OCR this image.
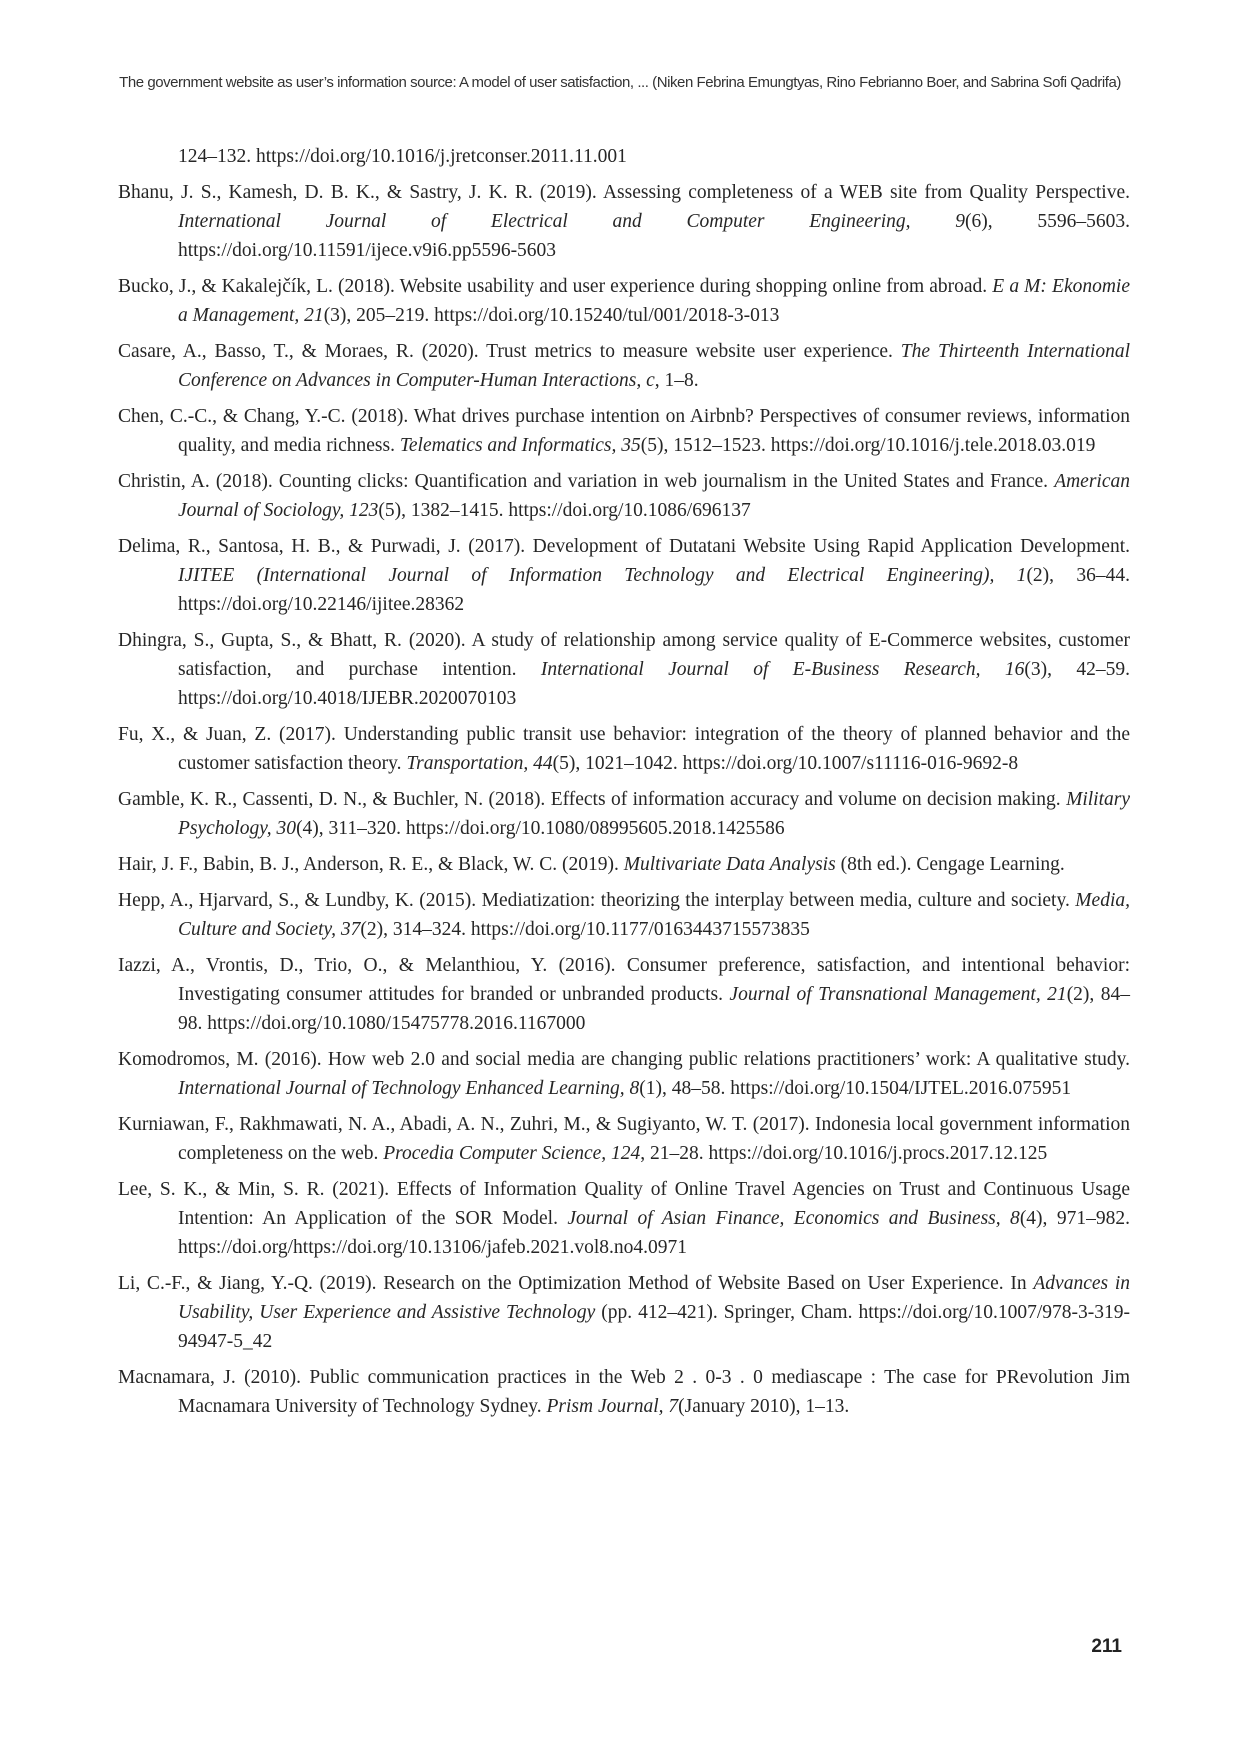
The government website as user’s information source: A model of user satisfaction, ... (Niken Febrina Emungtyas, Rino Febrianno Boer, and Sabrina Sofi Qadrifa)

124–132. https://doi.org/10.1016/j.jretconser.2011.11.001

Bhanu, J. S., Kamesh, D. B. K., & Sastry, J. K. R. (2019). Assessing completeness of a WEB site from Quality Perspective. International Journal of Electrical and Computer Engineering, 9(6), 5596–5603. https://doi.org/10.11591/ijece.v9i6.pp5596-5603

Bucko, J., & Kakalejčík, L. (2018). Website usability and user experience during shopping online from abroad. E a M: Ekonomie a Management, 21(3), 205–219. https://doi.org/10.15240/tul/001/2018-3-013

Casare, A., Basso, T., & Moraes, R. (2020). Trust metrics to measure website user experience. The Thirteenth International Conference on Advances in Computer-Human Interactions, c, 1–8.

Chen, C.-C., & Chang, Y.-C. (2018). What drives purchase intention on Airbnb? Perspectives of consumer reviews, information quality, and media richness. Telematics and Informatics, 35(5), 1512–1523. https://doi.org/10.1016/j.tele.2018.03.019

Christin, A. (2018). Counting clicks: Quantification and variation in web journalism in the United States and France. American Journal of Sociology, 123(5), 1382–1415. https://doi.org/10.1086/696137

Delima, R., Santosa, H. B., & Purwadi, J. (2017). Development of Dutatani Website Using Rapid Application Development. IJITEE (International Journal of Information Technology and Electrical Engineering), 1(2), 36–44. https://doi.org/10.22146/ijitee.28362

Dhingra, S., Gupta, S., & Bhatt, R. (2020). A study of relationship among service quality of E-Commerce websites, customer satisfaction, and purchase intention. International Journal of E-Business Research, 16(3), 42–59. https://doi.org/10.4018/IJEBR.2020070103

Fu, X., & Juan, Z. (2017). Understanding public transit use behavior: integration of the theory of planned behavior and the customer satisfaction theory. Transportation, 44(5), 1021–1042. https://doi.org/10.1007/s11116-016-9692-8

Gamble, K. R., Cassenti, D. N., & Buchler, N. (2018). Effects of information accuracy and volume on decision making. Military Psychology, 30(4), 311–320. https://doi.org/10.1080/08995605.2018.1425586

Hair, J. F., Babin, B. J., Anderson, R. E., & Black, W. C. (2019). Multivariate Data Analysis (8th ed.). Cengage Learning.

Hepp, A., Hjarvard, S., & Lundby, K. (2015). Mediatization: theorizing the interplay between media, culture and society. Media, Culture and Society, 37(2), 314–324. https://doi.org/10.1177/0163443715573835

Iazzi, A., Vrontis, D., Trio, O., & Melanthiou, Y. (2016). Consumer preference, satisfaction, and intentional behavior: Investigating consumer attitudes for branded or unbranded products. Journal of Transnational Management, 21(2), 84–98. https://doi.org/10.1080/15475778.2016.1167000

Komodromos, M. (2016). How web 2.0 and social media are changing public relations practitioners’ work: A qualitative study. International Journal of Technology Enhanced Learning, 8(1), 48–58. https://doi.org/10.1504/IJTEL.2016.075951

Kurniawan, F., Rakhmawati, N. A., Abadi, A. N., Zuhri, M., & Sugiyanto, W. T. (2017). Indonesia local government information completeness on the web. Procedia Computer Science, 124, 21–28. https://doi.org/10.1016/j.procs.2017.12.125

Lee, S. K., & Min, S. R. (2021). Effects of Information Quality of Online Travel Agencies on Trust and Continuous Usage Intention: An Application of the SOR Model. Journal of Asian Finance, Economics and Business, 8(4), 971–982. https://doi.org/https://doi.org/10.13106/jafeb.2021.vol8.no4.0971

Li, C.-F., & Jiang, Y.-Q. (2019). Research on the Optimization Method of Website Based on User Experience. In Advances in Usability, User Experience and Assistive Technology (pp. 412–421). Springer, Cham. https://doi.org/10.1007/978-3-319-94947-5_42

Macnamara, J. (2010). Public communication practices in the Web 2 . 0-3 . 0 mediascape : The case for PRevolution Jim Macnamara University of Technology Sydney. Prism Journal, 7(January 2010), 1–13.

211
